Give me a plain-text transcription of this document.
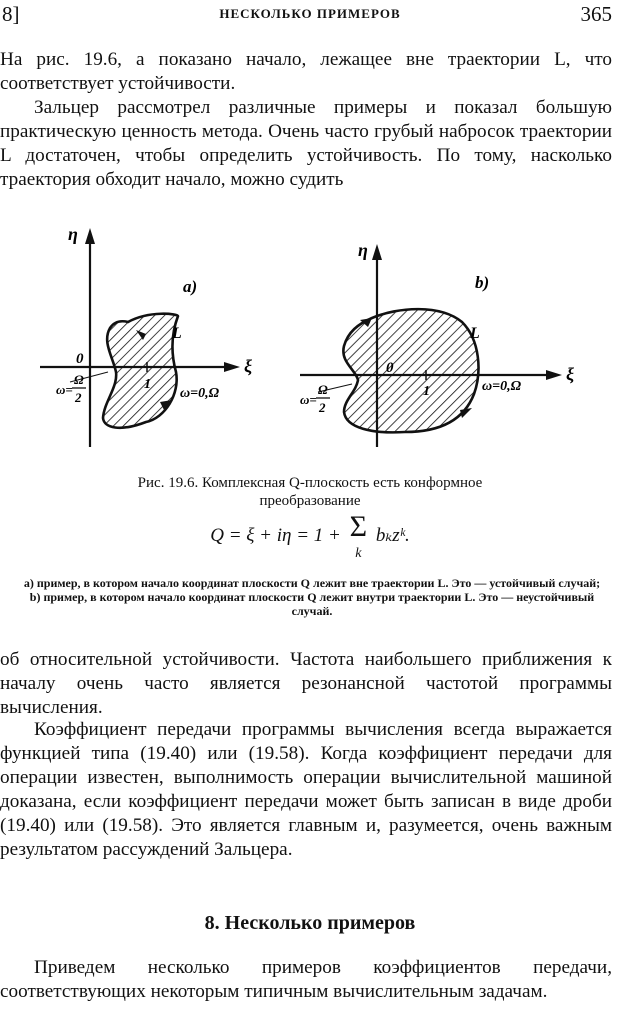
8]	НЕСКОЛЬКО ПРИМЕРОВ	365

На рис. 19.6, а показано начало, лежащее вне траектории L, что соответствует устойчивости.

Зальцер рассмотрел различные примеры и показал большую практическую ценность метода. Очень часто грубый набросок траектории L достаточен, чтобы определить устойчивость. По тому, насколько траектория обходит начало, можно судить

η
ξ
a)
0
1
L
ω=0,Ω
ω=
Ω
2
η
ξ
b)
0
1
L
ω=0,Ω
ω=
Ω
2
Рис. 19.6. Комплексная Q-плоскость есть конформное
преобразование
Q = ξ + iη = 1 + Σ
k bₖzᵏ.
а) пример, в котором начало координат плоскости Q лежит вне траектории L. Это — устойчивый случай; b) пример, в котором начало координат плоскости Q лежит внутри траектории L. Это — неустойчивый случай.

об относительной устойчивости. Частота наибольшего приближения к началу очень часто является резонансной частотой программы вычисления.

Коэффициент передачи программы вычисления всегда выражается функцией типа (19.40) или (19.58). Когда коэффициент передачи для операции известен, выполнимость операции вычислительной машиной доказана, если коэффициент передачи может быть записан в виде дроби (19.40) или (19.58). Это является главным и, разумеется, очень важным результатом рассуждений Зальцера.

8. Несколько примеров

Приведем несколько примеров коэффициентов передачи, соответствующих некоторым типичным вычислительным задачам.
